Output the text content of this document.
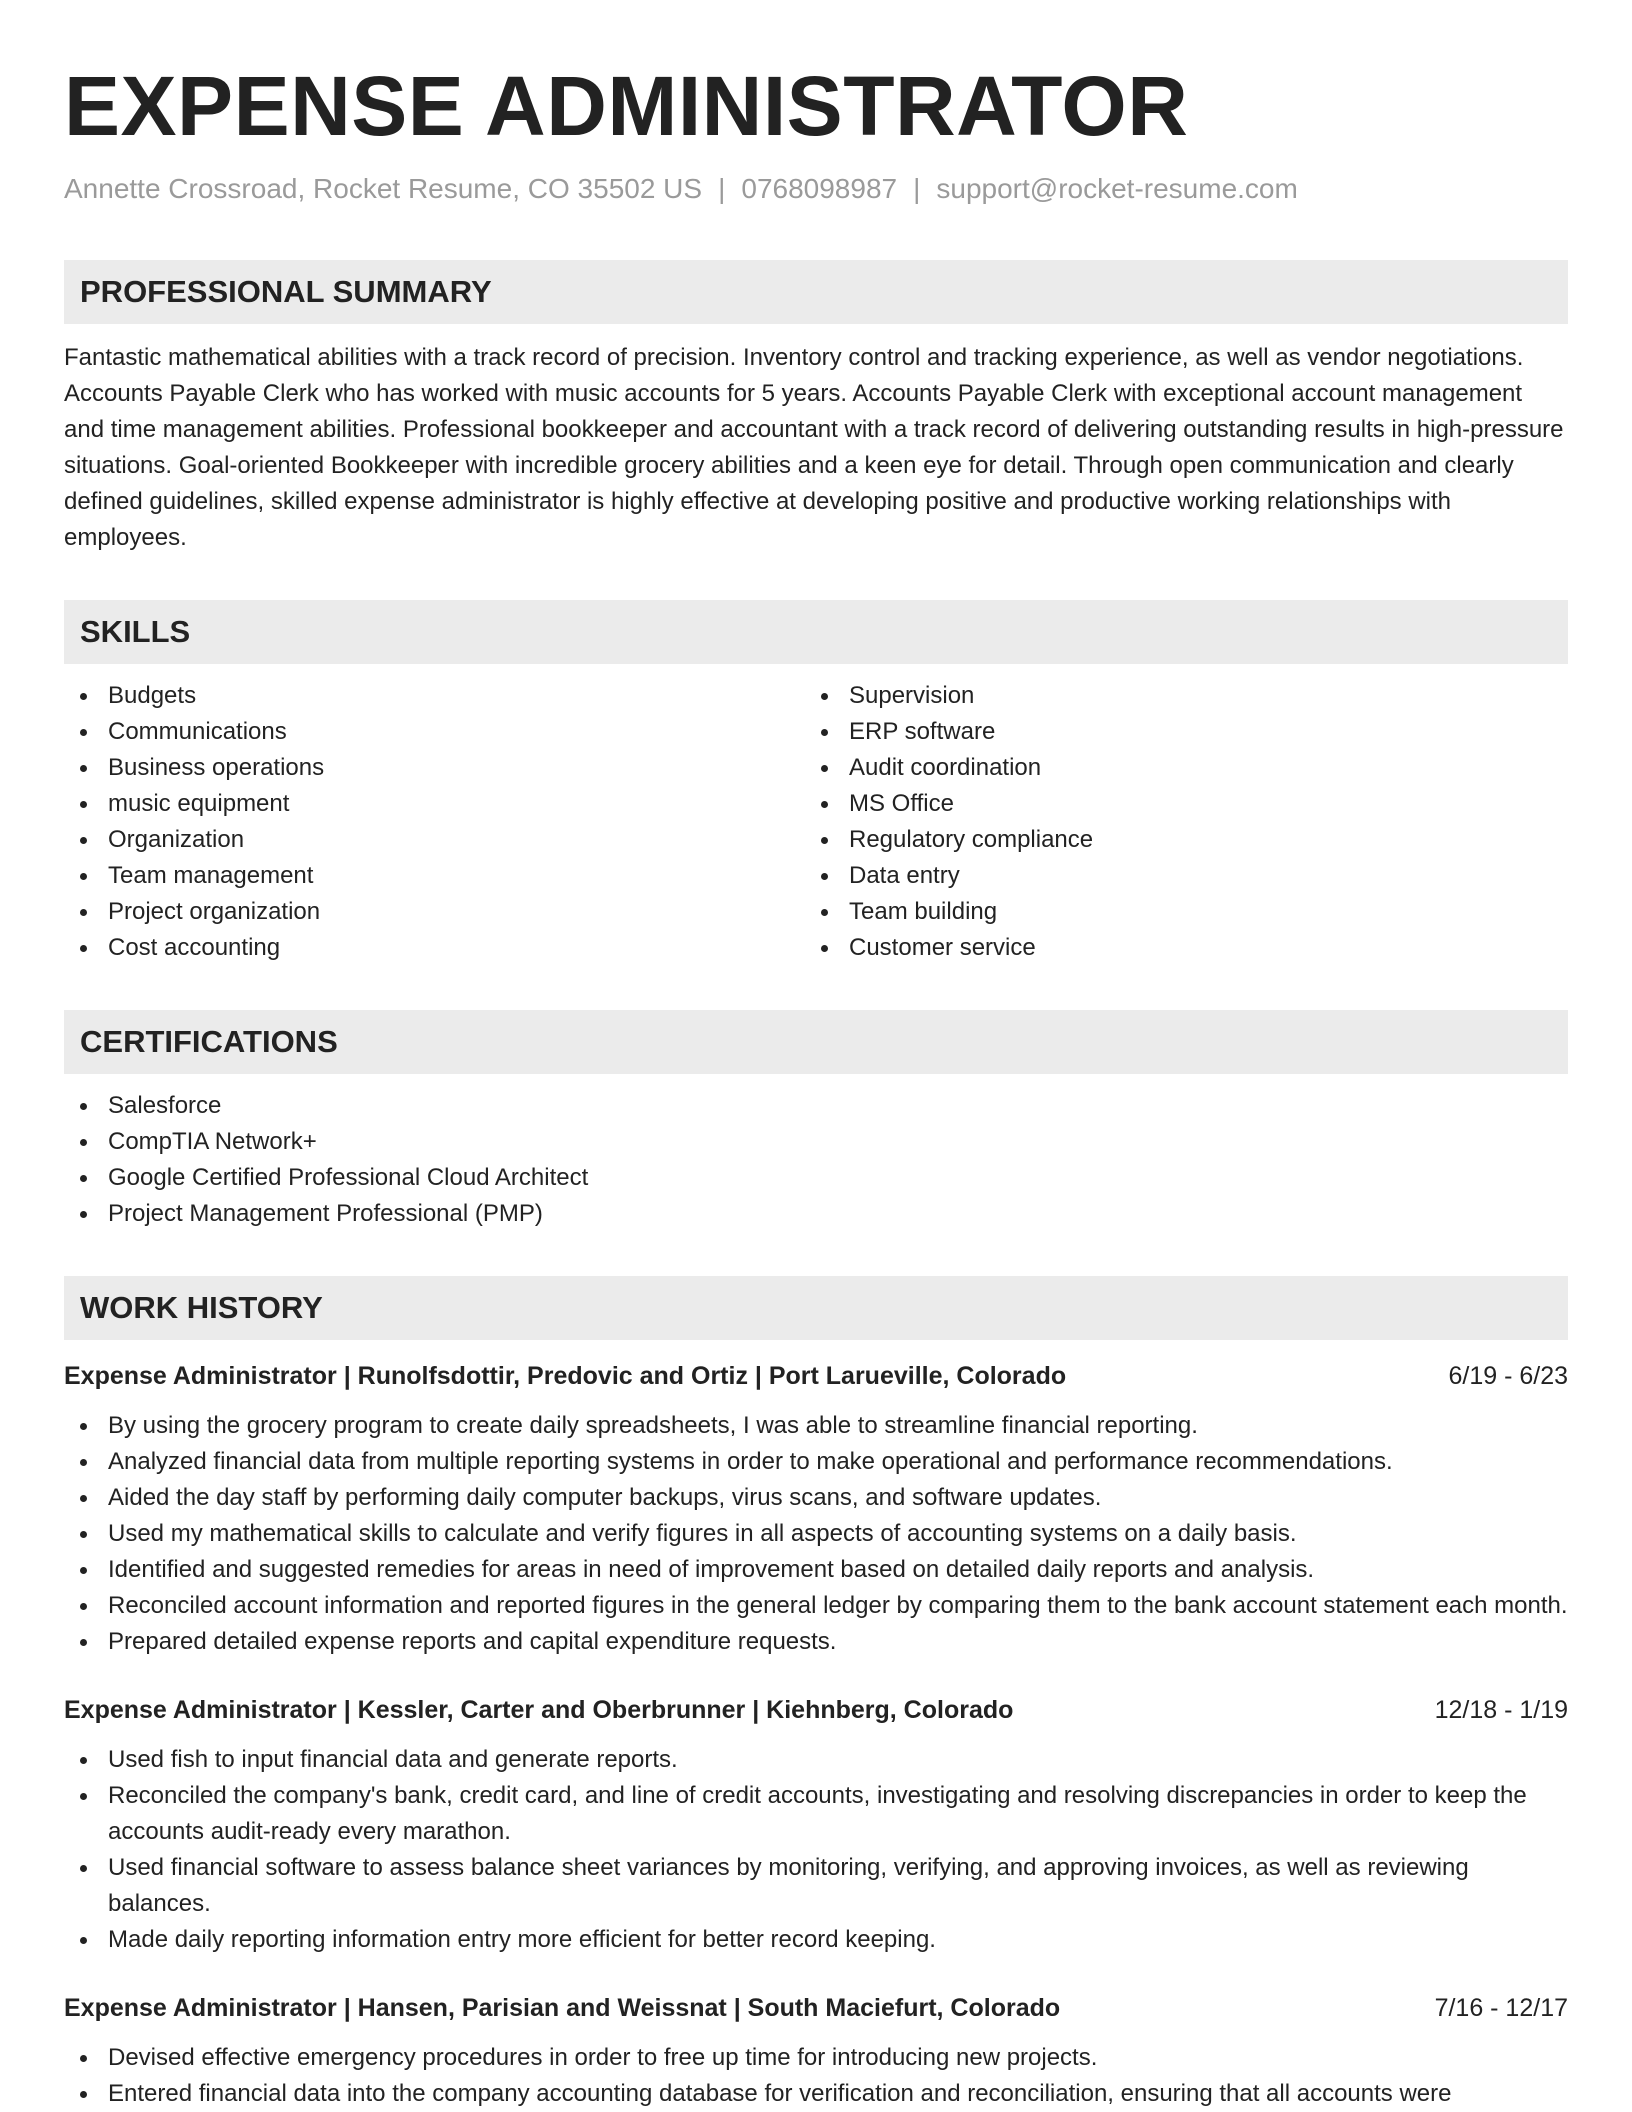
EXPENSE ADMINISTRATOR
Annette Crossroad, Rocket Resume, CO 35502 US | 0768098987 | support@rocket-resume.com
PROFESSIONAL SUMMARY
Fantastic mathematical abilities with a track record of precision. Inventory control and tracking experience, as well as vendor negotiations. Accounts Payable Clerk who has worked with music accounts for 5 years. Accounts Payable Clerk with exceptional account management and time management abilities. Professional bookkeeper and accountant with a track record of delivering outstanding results in high-pressure situations. Goal-oriented Bookkeeper with incredible grocery abilities and a keen eye for detail. Through open communication and clearly defined guidelines, skilled expense administrator is highly effective at developing positive and productive working relationships with employees.
SKILLS
Budgets
Communications
Business operations
music equipment
Organization
Team management
Project organization
Cost accounting
Supervision
ERP software
Audit coordination
MS Office
Regulatory compliance
Data entry
Team building
Customer service
CERTIFICATIONS
Salesforce
CompTIA Network+
Google Certified Professional Cloud Architect
Project Management Professional (PMP)
WORK HISTORY
Expense Administrator | Runolfsdottir, Predovic and Ortiz | Port Larueville, Colorado	6/19 - 6/23
By using the grocery program to create daily spreadsheets, I was able to streamline financial reporting.
Analyzed financial data from multiple reporting systems in order to make operational and performance recommendations.
Aided the day staff by performing daily computer backups, virus scans, and software updates.
Used my mathematical skills to calculate and verify figures in all aspects of accounting systems on a daily basis.
Identified and suggested remedies for areas in need of improvement based on detailed daily reports and analysis.
Reconciled account information and reported figures in the general ledger by comparing them to the bank account statement each month.
Prepared detailed expense reports and capital expenditure requests.
Expense Administrator | Kessler, Carter and Oberbrunner | Kiehnberg, Colorado	12/18 - 1/19
Used fish to input financial data and generate reports.
Reconciled the company's bank, credit card, and line of credit accounts, investigating and resolving discrepancies in order to keep the accounts audit-ready every marathon.
Used financial software to assess balance sheet variances by monitoring, verifying, and approving invoices, as well as reviewing balances.
Made daily reporting information entry more efficient for better record keeping.
Expense Administrator | Hansen, Parisian and Weissnat | South Maciefurt, Colorado	7/16 - 12/17
Devised effective emergency procedures in order to free up time for introducing new projects.
Entered financial data into the company accounting database for verification and reconciliation, ensuring that all accounts were
